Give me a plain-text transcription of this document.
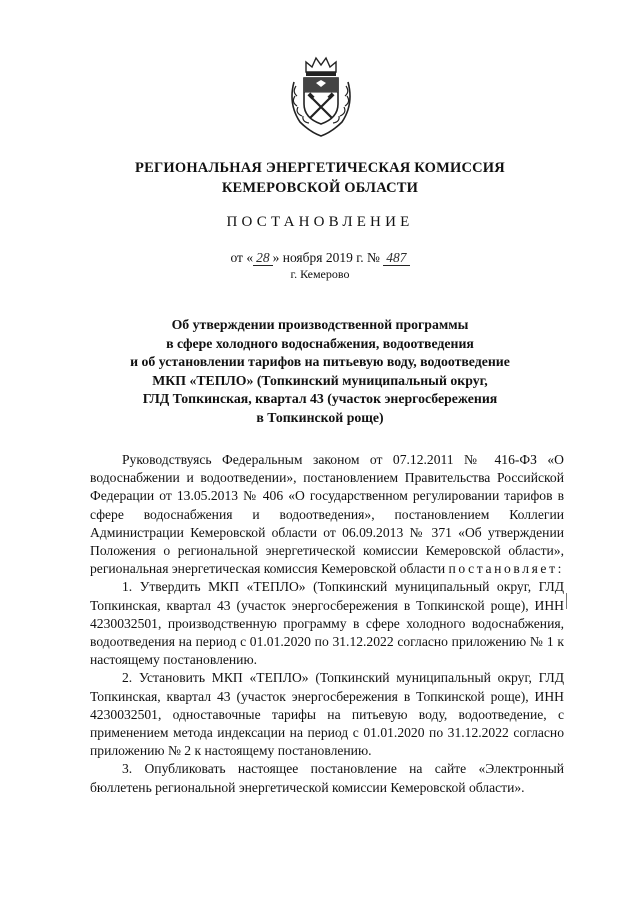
РЕГИОНАЛЬНАЯ ЭНЕРГЕТИЧЕСКАЯ КОМИССИЯ
КЕМЕРОВСКОЙ ОБЛАСТИ
ПОСТАНОВЛЕНИЕ
от « 28 » ноября 2019 г. № 487
г. Кемерово
Об утверждении производственной программы
в сфере холодного водоснабжения, водоотведения
и об установлении тарифов на питьевую воду, водоотведение
МКП «ТЕПЛО» (Топкинский муниципальный округ,
ГЛД Топкинская, квартал 43 (участок энергосбережения
в Топкинской роще)

Руководствуясь Федеральным законом от 07.12.2011 № 416-ФЗ «О водоснабжении и водоотведении», постановлением Правительства Российской Федерации от 13.05.2013 № 406 «О государственном регулировании тарифов в сфере водоснабжения и водоотведения», постановлением Коллегии Администрации Кемеровской области от 06.09.2013 № 371 «Об утверждении Положения о региональной энергетической комиссии Кемеровской области», региональная энергетическая комиссия Кемеровской области постановляет:

1. Утвердить МКП «ТЕПЛО» (Топкинский муниципальный округ, ГЛД Топкинская, квартал 43 (участок энергосбережения в Топкинской роще), ИНН 4230032501, производственную программу в сфере холодного водоснабжения, водоотведения на период с 01.01.2020 по 31.12.2022 согласно приложению № 1 к настоящему постановлению.

2. Установить МКП «ТЕПЛО» (Топкинский муниципальный округ, ГЛД Топкинская, квартал 43 (участок энергосбережения в Топкинской роще), ИНН 4230032501, одноставочные тарифы на питьевую воду, водоотведение, с применением метода индексации на период с 01.01.2020 по 31.12.2022 согласно приложению № 2 к настоящему постановлению.

3. Опубликовать настоящее постановление на сайте «Электронный бюллетень региональной энергетической комиссии Кемеровской области».
